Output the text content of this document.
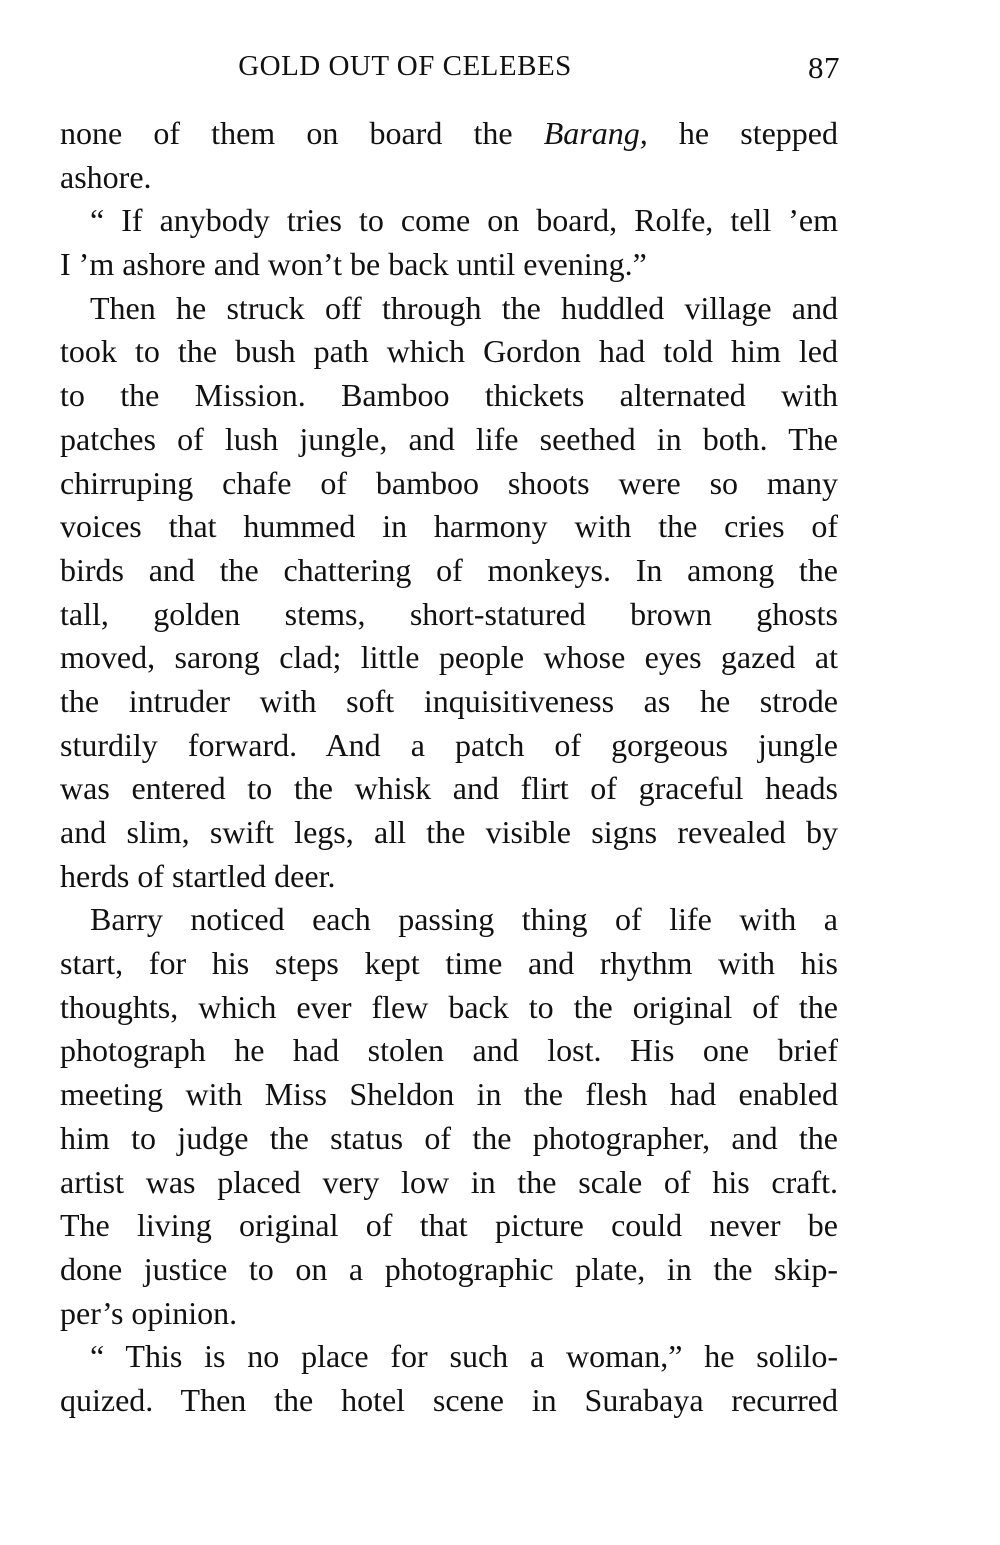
GOLD OUT OF CELEBES	87
none of them on board the Barang, he stepped
ashore.
“ If anybody tries to come on board, Rolfe, tell ’em
I ’m ashore and won’t be back until evening.”
Then he struck off through the huddled village and
took to the bush path which Gordon had told him led
to the Mission. Bamboo thickets alternated with
patches of lush jungle, and life seethed in both. The
chirruping chafe of bamboo shoots were so many
voices that hummed in harmony with the cries of
birds and the chattering of monkeys. In among the
tall, golden stems, short-statured brown ghosts
moved, sarong clad; little people whose eyes gazed at
the intruder with soft inquisitiveness as he strode
sturdily forward. And a patch of gorgeous jungle
was entered to the whisk and flirt of graceful heads
and slim, swift legs, all the visible signs revealed by
herds of startled deer.
Barry noticed each passing thing of life with a
start, for his steps kept time and rhythm with his
thoughts, which ever flew back to the original of the
photograph he had stolen and lost. His one brief
meeting with Miss Sheldon in the flesh had enabled
him to judge the status of the photographer, and the
artist was placed very low in the scale of his craft.
The living original of that picture could never be
done justice to on a photographic plate, in the skip-
per’s opinion.
“ This is no place for such a woman,” he solilo-
quized. Then the hotel scene in Surabaya recurred
